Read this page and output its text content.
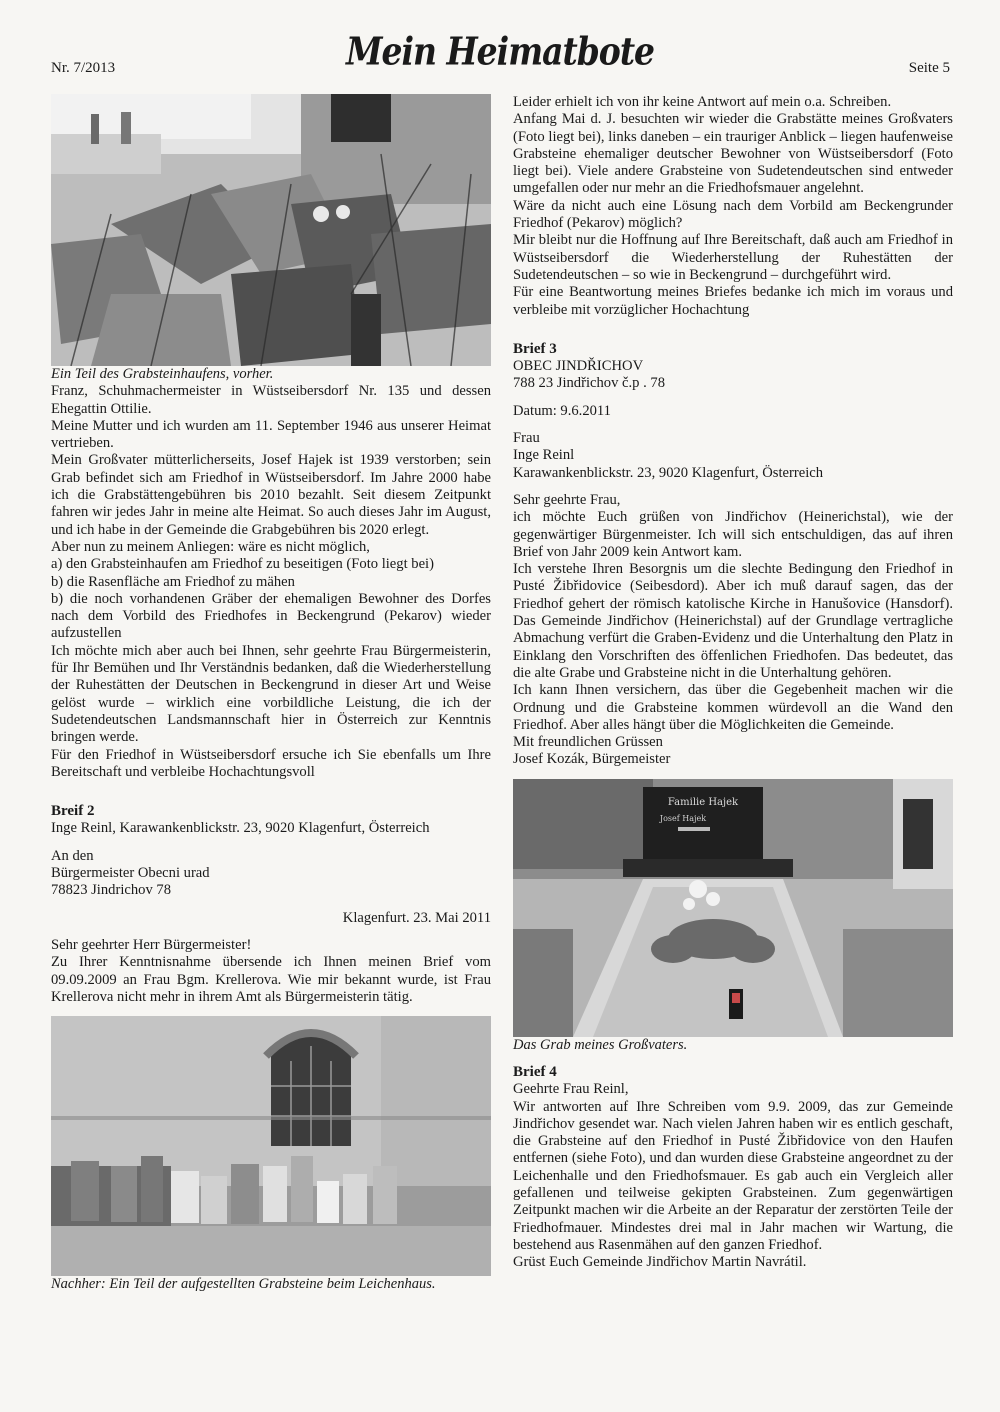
Nr. 7/2013	Mein Heimatbote	Seite 5

Ein Teil des Grabsteinhaufens, vorher.

Franz, Schuhmachermeister in Wüstseibersdorf Nr. 135 und dessen Ehegattin Ottilie.

Meine Mutter und ich wurden am 11. September 1946 aus unserer Heimat vertrieben.

Mein Großvater mütterlicherseits, Josef Hajek ist 1939 verstorben; sein Grab befindet sich am Friedhof in Wüstseibersdorf. Im Jahre 2000 habe ich die Grabstättengebühren bis 2010 bezahlt. Seit diesem Zeitpunkt fahren wir jedes Jahr in meine alte Heimat. So auch dieses Jahr im August, und ich habe in der Gemeinde die Grabgebühren bis 2020 erlegt.

Aber nun zu meinem Anliegen: wäre es nicht möglich,

a) den Grabsteinhaufen am Friedhof zu beseitigen (Foto liegt bei)

b) die Rasenfläche am Friedhof zu mähen

b) die noch vorhandenen Gräber der ehemaligen Bewohner des Dorfes nach dem Vorbild des Friedhofes in Beckengrund (Pekarov) wieder aufzustellen

Ich möchte mich aber auch bei Ihnen, sehr geehrte Frau Bürgermeisterin, für Ihr Bemühen und Ihr Verständnis bedanken, daß die Wiederherstellung der Ruhestätten der Deutschen in Beckengrund in dieser Art und Weise gelöst wurde – wirklich eine vorbildliche Leistung, die ich der Sudetendeutschen Landsmannschaft hier in Österreich zur Kenntnis bringen werde.

Für den Friedhof in Wüstseibersdorf ersuche ich Sie ebenfalls um Ihre Bereitschaft und verbleibe Hochachtungsvoll

Breif 2

Inge Reinl, Karawankenblickstr. 23, 9020 Klagenfurt, Österreich

An den

Bürgermeister Obecni urad

78823 Jindrichov 78

Klagenfurt. 23. Mai 2011

Sehr geehrter Herr Bürgermeister!

Zu Ihrer Kenntnisnahme übersende ich Ihnen meinen Brief vom 09.09.2009 an Frau Bgm. Krellerova. Wie mir bekannt wurde, ist Frau Krellerova nicht mehr in ihrem Amt als Bürgermeisterin tätig.

Nachher: Ein Teil der aufgestellten Grabsteine beim Leichenhaus.

Leider erhielt ich von ihr keine Antwort auf mein o.a. Schreiben.

Anfang Mai d. J. besuchten wir wieder die Grabstätte meines Großvaters (Foto liegt bei), links daneben – ein trauriger Anblick – liegen haufenweise Grabsteine ehemaliger deutscher Bewohner von Wüstseibersdorf (Foto liegt bei). Viele andere Grabsteine von Sudetendeutschen sind entweder umgefallen oder nur mehr an die Friedhofsmauer angelehnt.

Wäre da nicht auch eine Lösung nach dem Vorbild am Beckengrunder Friedhof (Pekarov) möglich?

Mir bleibt nur die Hoffnung auf Ihre Bereitschaft, daß auch am Friedhof in Wüstseibersdorf die Wiederherstellung der Ruhestätten der Sudetendeutschen – so wie in Beckengrund – durchgeführt wird.

Für eine Beantwortung meines Briefes bedanke ich mich im voraus und verbleibe mit vorzüglicher Hochachtung

Brief 3

OBEC JINDŘICHOV

788 23 Jindřichov č.p . 78

Datum: 9.6.2011

Frau

Inge Reinl

Karawankenblickstr. 23, 9020 Klagenfurt, Österreich

Sehr geehrte Frau,

ich möchte Euch grüßen von Jindřichov (Heinerichstal), wie der gegenwärtiger Bürgenmeister. Ich will sich entschuldigen, das auf ihren Brief von Jahr 2009 kein Antwort kam.

Ich verstehe Ihren Besorgnis um die slechte Bedingung den Friedhof in Pusté Žibřidovice (Seibesdord). Aber ich muß darauf sagen, das der Friedhof gehert der römisch katolische Kirche in Hanušovice (Hansdorf). Das Gemeinde Jindřichov (Heinerichstal) auf der Grundlage vertragliche Abmachung verfürt die Graben-Evidenz und die Unterhaltung den Platz in Einklang den Vorschriften des öffenlichen Friedhofen. Das bedeutet, das die alte Grabe und Grabsteine nicht in die Unterhaltung gehören.

Ich kann Ihnen versichern, das über die Gegebenheit machen wir die Ordnung und die Grabsteine kommen würdevoll an die Wand den Friedhof. Aber alles hängt über die Möglichkeiten die Gemeinde.

Mit freundlichen Grüssen

Josef Kozák, Bürgemeister

Familie Hajek
Josef Hajek

Das Grab meines Großvaters.

Brief 4

Geehrte Frau Reinl,

Wir antworten auf Ihre Schreiben vom 9.9. 2009, das zur Gemeinde Jindřichov gesendet war. Nach vielen Jahren haben wir es entlich geschaft, die Grabsteine auf den Friedhof in Pusté Žibřidovice von den Haufen entfernen (siehe Foto), und dan wurden diese Grabsteine angeordnet zu der Leichenhalle und den Friedhofsmauer. Es gab auch ein Vergleich aller gefallenen und teilweise gekipten Grabsteinen. Zum gegenwärtigen Zeitpunkt machen wir die Arbeite an der Reparatur der zerstörten Teile der Friedhofmauer. Mindestes drei mal in Jahr machen wir Wartung, die bestehend aus Rasenmähen auf den ganzen Friedhof.

Grüst Euch Gemeinde Jindřichov Martin Navrátil.
